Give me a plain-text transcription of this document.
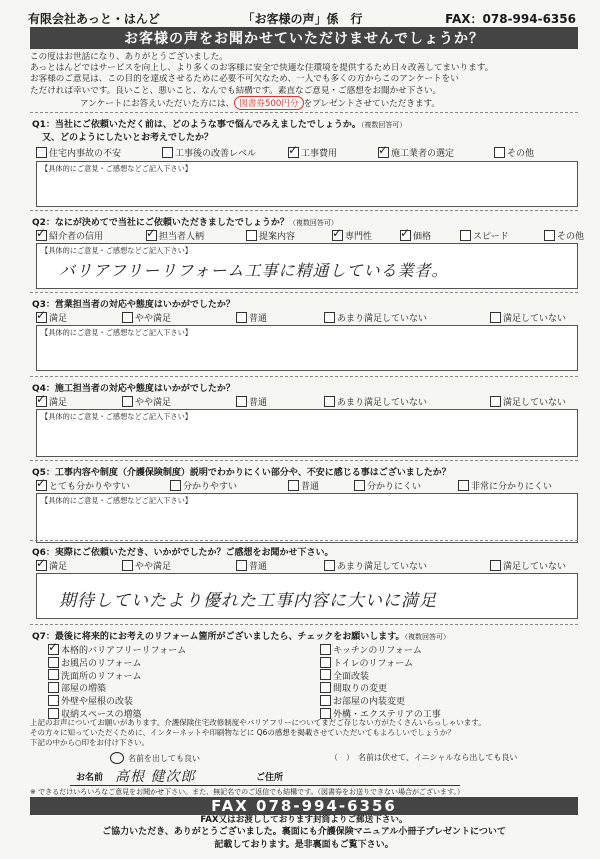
有限会社あっと・はんど	「お客様の声」係　行	FAX：078-994-6356
お客様の声をお聞かせていただけませんでしょうか？
この度はお世話になり、ありがとうございました。
あっとはんどではサービスを向上し、より多くのお客様に安全で快適な住環境を提供するため日々改善してまいります。
お客様のご意見は、この目的を達成させるために必要不可欠なため、一人でも多くの方からこのアンケートをい
ただければ幸いです。良いこと、悪いこと、なんでも結構です。素直なご意見・ご感想をお聞かせ下さい。
アンケートにお答えいただいた方には、 図書券500円分 をプレゼントさせていただきます。
Q1：当社にご依頼いただく前は、どのような事で悩んでみえましたでしょうか。（複数回答可）
又、どのようにしたいとお考えでしたか？
住宅内事故の不安	工事後の改善レベル ✓	工事費用 ✓	施工業者の選定	その他
【具体的にご意見・ご感想などご記入下さい】
Q2：なにが決めてで当社にご依頼いただきましたでしょうか？（複数回答可）
✓
紹介者の信用 ✓	担当者人柄	提案内容 ✓	専門性 ✓	価格	スピード	その他
【具体的にご意見・ご感想などご記入下さい】
バリアフリーリフォーム工事に精通している業者。
Q3：営業担当者の対応や態度はいかがでしたか？
✓
満足	やや満足	普通	あまり満足していない	満足していない
【具体的にご意見・ご感想などご記入下さい】
Q4：施工担当者の対応や態度はいかがでしたか？
✓
満足	やや満足	普通	あまり満足していない	満足していない
【具体的にご意見・ご感想などご記入下さい】
Q5：工事内容や制度（介護保険制度）説明でわかりにくい部分や、不安に感じる事はございましたか？
✓
とても分かりやすい	分かりやすい	普通	分かりにくい	非常に分かりにくい
【具体的にご意見・ご感想などご記入下さい】
Q6：実際にご依頼いただき、いかがでしたか？ご感想をお聞かせ下さい。
✓
満足	やや満足	普通	あまり満足していない	満足していない
期待していたより優れた工事内容に大いに満足
Q7：最後に将来的にお考えのリフォーム箇所がございましたら、チェックをお願いします。（複数回答可）
✓
本格的バリアフリーリフォーム	キッチンのリフォーム
お風呂のリフォーム	トイレのリフォーム
洗面所のリフォーム	全面改装
部屋の増築	間取りの変更
外壁や屋根の改装	お部屋の内装変更
収納スペースの増築	外構・エクステリアの工事
上記のお声についてお願いがあります。介護保険住宅改修制度やバリアフリーについてまだご存じない方がたくさんいらっしゃいます。
その方々に知っていただくために、インターネットや印刷物などに Q6の感想を掲載させていただいてもよろしいでしょうか？
下記の中から○印をお付け下さい。
名前を出しても良い	（　） 名前は伏せて、イニシャルなら出しても良い
お名前 高根 健次郎	ご住所
※ できるだけいろいろなご意見をお聞かせ下さい。また、無記名でのご返信でも結構です。（図書券をお送りできない場合がございます。）
FAX 078-994-6356
FAX又はお渡ししております封筒よりご郵送下さい。
ご協力いただき、ありがとうございました。裏面にも介護保険マニュアル小冊子プレゼントについて
記載しております。是非裏面もご覧下さい。
